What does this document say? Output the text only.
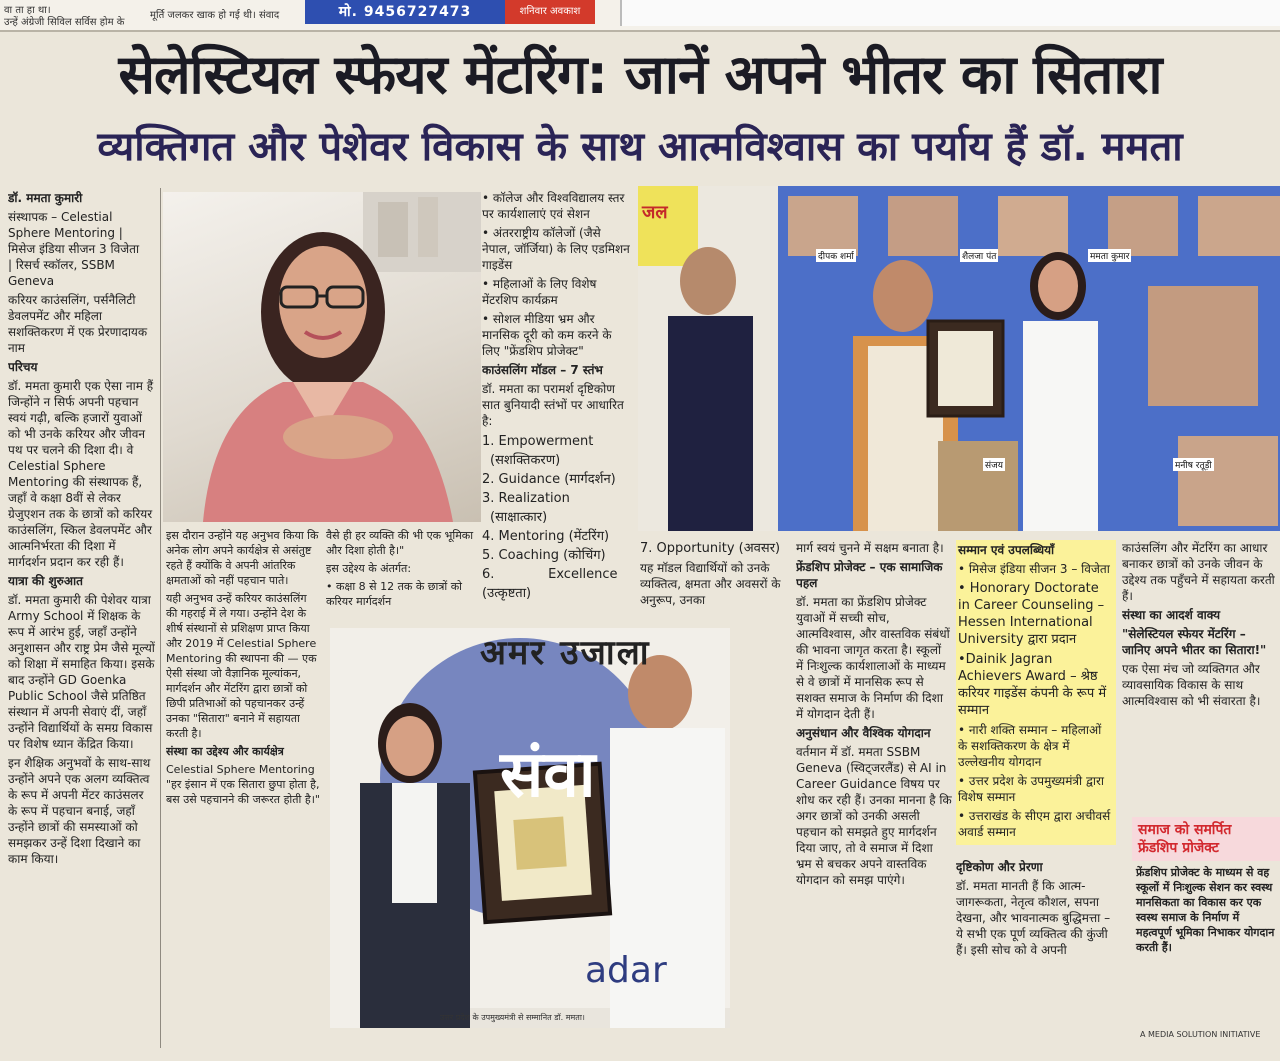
वा ता हा था।
उन्हें अंग्रेजी सिविल सर्विस होम के
मूर्ति जलकर खाक हो गई थी। संवाद	मो. 9456727473	शनिवार अवकाश
सेलेस्टियल स्फेयर मेंटरिंग: जानें अपने भीतर का सितारा
व्यक्तिगत और पेशेवर विकास के साथ आत्मविश्वास का पर्याय हैं डॉ. ममता

डॉ. ममता कुमारी

संस्थापक – Celestial

Sphere Mentoring |

मिसेज इंडिया सीजन 3 विजेता

| रिसर्च स्कॉलर, SSBM

Geneva

करियर काउंसलिंग, पर्सनैलिटी डेवलपमेंट और महिला सशक्तिकरण में एक प्रेरणादायक नाम

परिचय

डॉ. ममता कुमारी एक ऐसा नाम हैं जिन्होंने न सिर्फ अपनी पहचान स्वयं गढ़ी, बल्कि हजारों युवाओं को भी उनके करियर और जीवन पथ पर चलने की दिशा दी। वे Celestial Sphere Mentoring की संस्थापक हैं, जहाँ वे कक्षा 8वीं से लेकर ग्रेजुएशन तक के छात्रों को करियर काउंसलिंग, स्किल डेवलपमेंट और आत्मनिर्भरता की दिशा में मार्गदर्शन प्रदान कर रही हैं।

यात्रा की शुरुआत

डॉ. ममता कुमारी की पेशेवर यात्रा Army School में शिक्षक के रूप में आरंभ हुई, जहाँ उन्होंने अनुशासन और राष्ट्र प्रेम जैसे मूल्यों को शिक्षा में समाहित किया। इसके बाद उन्होंने GD Goenka Public School जैसे प्रतिष्ठित संस्थान में अपनी सेवाएं दीं, जहाँ उन्होंने विद्यार्थियों के समग्र विकास पर विशेष ध्यान केंद्रित किया।

इन शैक्षिक अनुभवों के साथ-साथ उन्होंने अपने एक अलग व्यक्तित्व के रूप में अपनी मेंटर काउंसलर के रूप में पहचान बनाई, जहाँ उन्होंने छात्रों की समस्याओं को समझकर उन्हें दिशा दिखाने का काम किया।

इस दौरान उन्होंने यह अनुभव किया कि अनेक लोग अपने कार्यक्षेत्र से असंतुष्ट रहते हैं क्योंकि वे अपनी आंतरिक क्षमताओं को नहीं पहचान पाते।

यही अनुभव उन्हें करियर काउंसलिंग की गहराई में ले गया। उन्होंने देश के शीर्ष संस्थानों से प्रशिक्षण प्राप्त किया और 2019 में Celestial Sphere Mentoring की स्थापना की — एक ऐसी संस्था जो वैज्ञानिक मूल्यांकन, मार्गदर्शन और मेंटरिंग द्वारा छात्रों को छिपी प्रतिभाओं को पहचानकर उन्हें उनका "सितारा" बनाने में सहायता करती है।

संस्था का उद्देश्य और कार्यक्षेत्र

Celestial Sphere Mentoring

"हर इंसान में एक सितारा छुपा होता है, बस उसे पहचानने की जरूरत होती है।"

वैसे ही हर व्यक्ति की भी एक भूमिका और दिशा होती है।"

इस उद्देश्य के अंतर्गत:

• कक्षा 8 से 12 तक के छात्रों को करियर मार्गदर्शन

• कॉलेज और विश्वविद्यालय स्तर पर कार्यशालाएं एवं सेशन

• अंतरराष्ट्रीय कॉलेजों (जैसे नेपाल, जॉर्जिया) के लिए एडमिशन गाइडेंस

• महिलाओं के लिए विशेष मेंटरशिप कार्यक्रम

• सोशल मीडिया भ्रम और मानसिक दूरी को कम करने के लिए "फ्रेंडशिप प्रोजेक्ट"

काउंसलिंग मॉडल – 7 स्तंभ

डॉ. ममता का परामर्श दृष्टिकोण सात बुनियादी स्तंभों पर आधारित है:

1. Empowerment
(सशक्तिकरण)
2. Guidance (मार्गदर्शन)
3. Realization
(साक्षात्कार)
4. Mentoring (मेंटरिंग)
5. Coaching (कोचिंग)
6.             Excellence
(उत्कृष्टता)
दीपक शर्मा	शैलजा पंत	ममता कुमार
मनीष रतूड़ी
संजय
जल

7. Opportunity (अवसर)

यह मॉडल विद्यार्थियों को उनके व्यक्तित्व, क्षमता और अवसरों के अनुरूप, उनका

अमर उजाला
संवा
adar
उत्तर प्रदेश के उपमुख्यमंत्री से सम्मानित डॉ. ममता।

मार्ग स्वयं चुनने में सक्षम बनाता है।

फ्रेंडशिप प्रोजेक्ट – एक सामाजिक पहल

डॉ. ममता का फ्रेंडशिप प्रोजेक्ट युवाओं में सच्ची सोच, आत्मविश्वास, और वास्तविक संबंधों की भावना जागृत करता है। स्कूलों में निःशुल्क कार्यशालाओं के माध्यम से वे छात्रों में मानसिक रूप से सशक्त समाज के निर्माण की दिशा में योगदान देती हैं।

अनुसंधान और वैश्विक योगदान

वर्तमान में डॉ. ममता SSBM Geneva (स्विट्जरलैंड) से AI in Career Guidance विषय पर शोध कर रही हैं। उनका मानना है कि अगर छात्रों को उनकी असली पहचान को समझते हुए मार्गदर्शन दिया जाए, तो वे समाज में दिशा भ्रम से बचकर अपने वास्तविक योगदान को समझ पाएंगे।

सम्मान एवं उपलब्धियाँ

• मिसेज इंडिया सीजन 3 – विजेता

• Honorary Doctorate in Career Counseling – Hessen International University द्वारा प्रदान

•Dainik Jagran Achievers Award – श्रेष्ठ करियर गाइडेंस कंपनी के रूप में सम्मान

• नारी शक्ति सम्मान – महिलाओं के सशक्तिकरण के क्षेत्र में उल्लेखनीय योगदान

• उत्तर प्रदेश के उपमुख्यमंत्री द्वारा विशेष सम्मान

• उत्तराखंड के सीएम द्वारा अचीवर्स अवार्ड सम्मान

दृष्टिकोण और प्रेरणा

डॉ. ममता मानती हैं कि आत्म-जागरूकता, नेतृत्व कौशल, सपना देखना, और भावनात्मक बुद्धिमत्ता – ये सभी एक पूर्ण व्यक्तित्व की कुंजी हैं। इसी सोच को वे अपनी

काउंसलिंग और मेंटरिंग का आधार बनाकर छात्रों को उनके जीवन के उद्देश्य तक पहुँचने में सहायता करती हैं।

संस्था का आदर्श वाक्य

"सेलेस्टियल स्फेयर मेंटरिंग – जानिए अपने भीतर का सितारा!"

एक ऐसा मंच जो व्यक्तिगत और व्यावसायिक विकास के साथ आत्मविश्वास को भी संवारता है।

समाज को समर्पित फ्रेंडशिप प्रोजेक्ट
फ्रेंडशिप प्रोजेक्ट के माध्यम से वह स्कूलों में निःशुल्क सेशन कर स्वस्थ मानसिकता का विकास कर एक स्वस्थ समाज के निर्माण में महत्वपूर्ण भूमिका निभाकर योगदान करती हैं।
A MEDIA SOLUTION INITIATIVE
